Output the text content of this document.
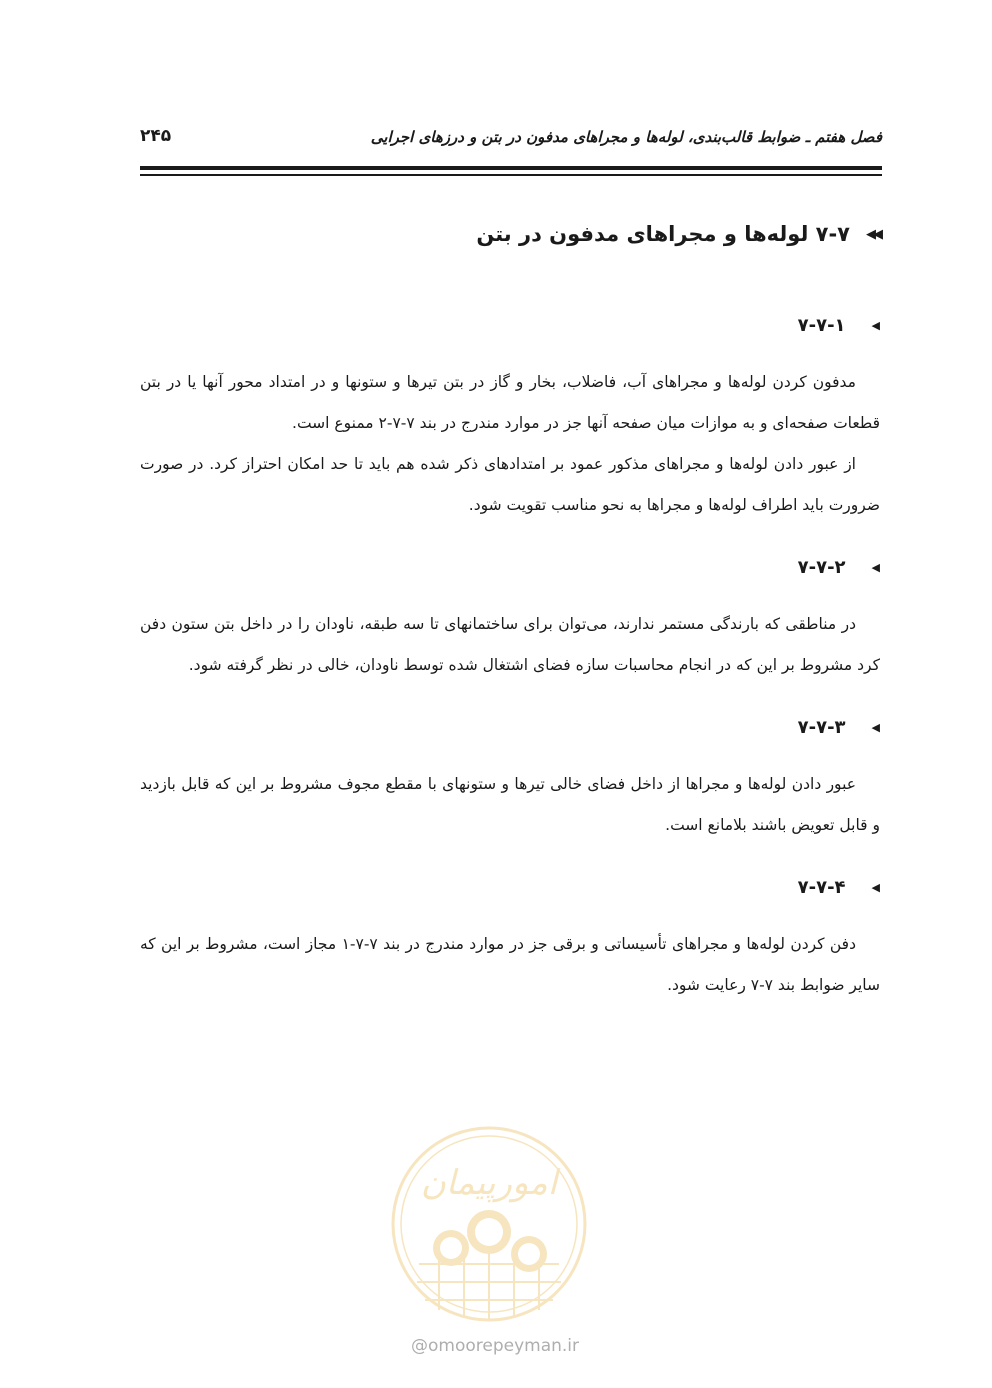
فصل هفتم ـ ضوابط قالب‌بندی، لوله‌ها و مجراهای مدفون در بتن و درزهای اجرایی
۲۴۵
◀◀
۷-۷ لوله‌ها و مجراهای مدفون در بتن
◀
۷-۷-۱

مدفون کردن لوله‌ها و مجراهای آب، فاضلاب، بخار و گاز در بتن تیرها و ستونها و در امتداد محور آنها یا در بتن قطعات صفحه‌ای و به موازات میان صفحه آنها جز در موارد مندرج در بند ۷-۷-۲ ممنوع است.

از عبور دادن لوله‌ها و مجراهای مذکور عمود بر امتدادهای ذکر شده هم باید تا حد امکان احتراز کرد. در صورت ضرورت باید اطراف لوله‌ها و مجراها به نحو مناسب تقویت شود.

◀
۷-۷-۲

در مناطقی که بارندگی مستمر ندارند، می‌توان برای ساختمانهای تا سه طبقه، ناودان را در داخل بتن ستون دفن کرد مشروط بر این که در انجام محاسبات سازه فضای اشتغال شده توسط ناودان، خالی در نظر گرفته شود.

◀
۷-۷-۳

عبور دادن لوله‌ها و مجراها از داخل فضای خالی تیرها و ستونهای با مقطع مجوف مشروط بر این که قابل بازدید و قابل تعویض باشند بلامانع است.

◀
۷-۷-۴

دفن کردن لوله‌ها و مجراهای تأسیساتی و برقی جز در موارد مندرج در بند ۷-۷-۱ مجاز است، مشروط بر این که سایر ضوابط بند ۷-۷ رعایت شود.

امورپیمان
@omoorepeyman.ir
